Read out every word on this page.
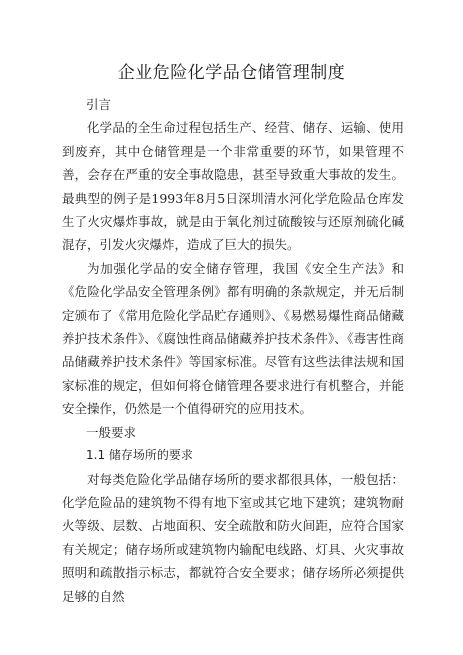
企业危险化学品仓储管理制度

引言

化学品的全生命过程包括生产、经营、储存、运输、使用到废弃，其中仓储管理是一个非常重要的环节，如果管理不善，会存在严重的安全事故隐患，甚至导致重大事故的发生。最典型的例子是1993年8月5日深圳清水河化学危险品仓库发生了火灾爆炸事故，就是由于氧化剂过硫酸铵与还原剂硫化碱混存，引发火灾爆炸，造成了巨大的损失。

为加强化学品的安全储存管理，我国《安全生产法》和《危险化学品安全管理条例》都有明确的条款规定，并无后制定颁布了《常用危险化学品贮存通则》、《易燃易爆性商品储藏养护技术条件》、《腐蚀性商品储藏养护技术条件》、《毒害性商品储藏养护技术条件》等国家标准。尽管有这些法律法规和国家标准的规定，但如何将仓储管理各要求进行有机整合，并能安全操作，仍然是一个值得研究的应用技术。

一般要求

1.1 储存场所的要求

对每类危险化学品储存场所的要求都很具体，一般包括：化学危险品的建筑物不得有地下室或其它地下建筑；建筑物耐火等级、层数、占地面积、安全疏散和防火间距，应符合国家有关规定；储存场所或建筑物内输配电线路、灯具、火灾事故照明和疏散指示标志，都就符合安全要求；储存场所必须提供足够的自然
